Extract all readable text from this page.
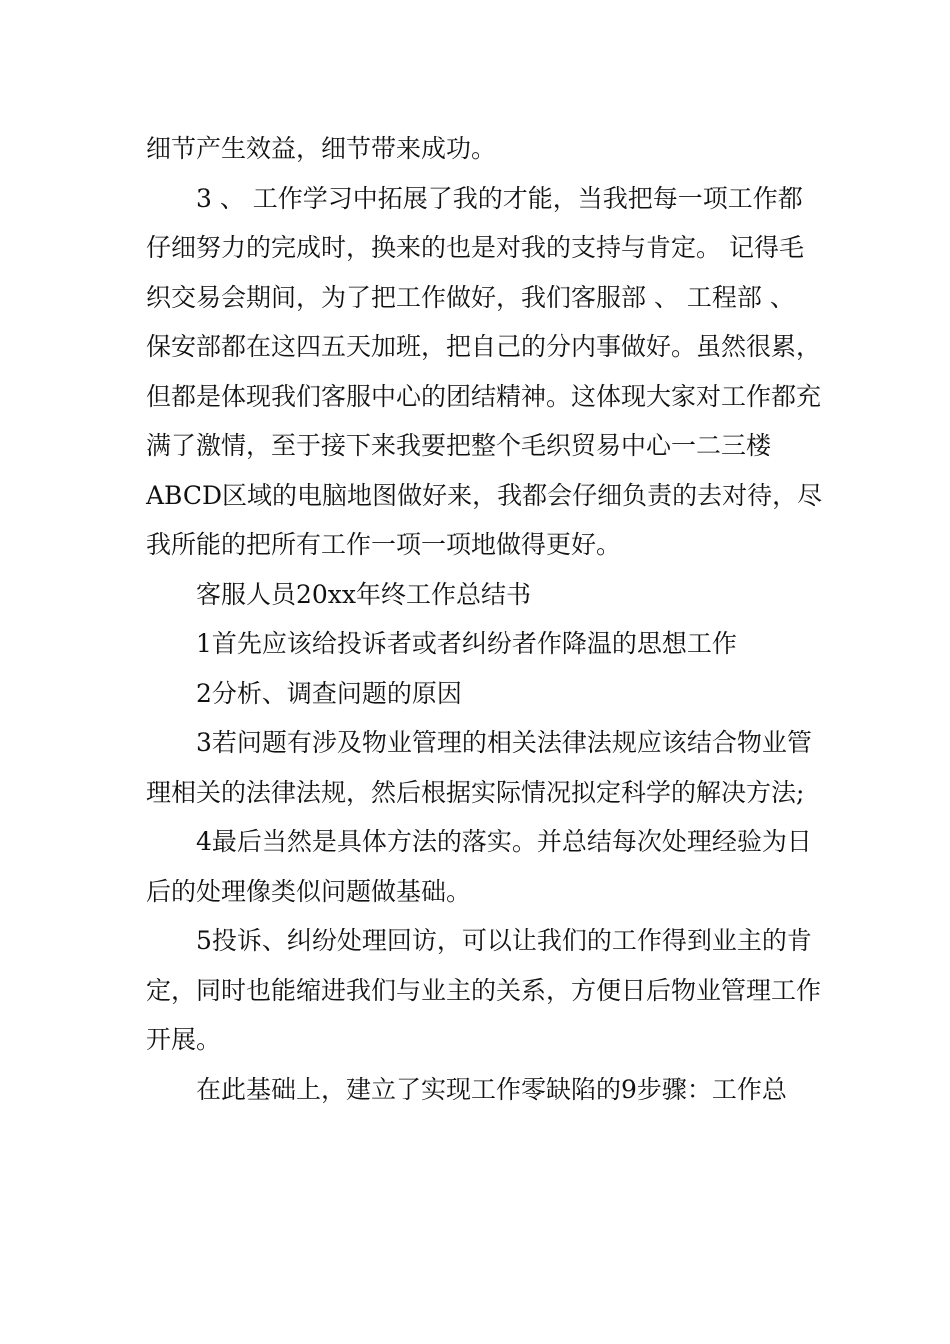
细节产生效益，细节带来成功。

3 、 工作学习中拓展了我的才能，当我把每一项工作都仔细努力的完成时，换来的也是对我的支持与肯定。 记得毛织交易会期间，为了把工作做好，我们客服部 、 工程部 、 保安部都在这四五天加班，把自己的分内事做好。虽然很累，但都是体现我们客服中心的团结精神。这体现大家对工作都充满了激情，至于接下来我要把整个毛织贸易中心一二三楼ABCD区域的电脑地图做好来，我都会仔细负责的去对待，尽我所能的把所有工作一项一项地做得更好。

客服人员20xx年终工作总结书

1首先应该给投诉者或者纠纷者作降温的思想工作

2分析、调查问题的原因

3若问题有涉及物业管理的相关法律法规应该结合物业管理相关的法律法规，然后根据实际情况拟定科学的解决方法;

4最后当然是具体方法的落实。并总结每次处理经验为日后的处理像类似问题做基础。

5投诉、纠纷处理回访，可以让我们的工作得到业主的肯定，同时也能缩进我们与业主的关系，方便日后物业管理工作开展。

在此基础上，建立了实现工作零缺陷的9步骤：工作总
